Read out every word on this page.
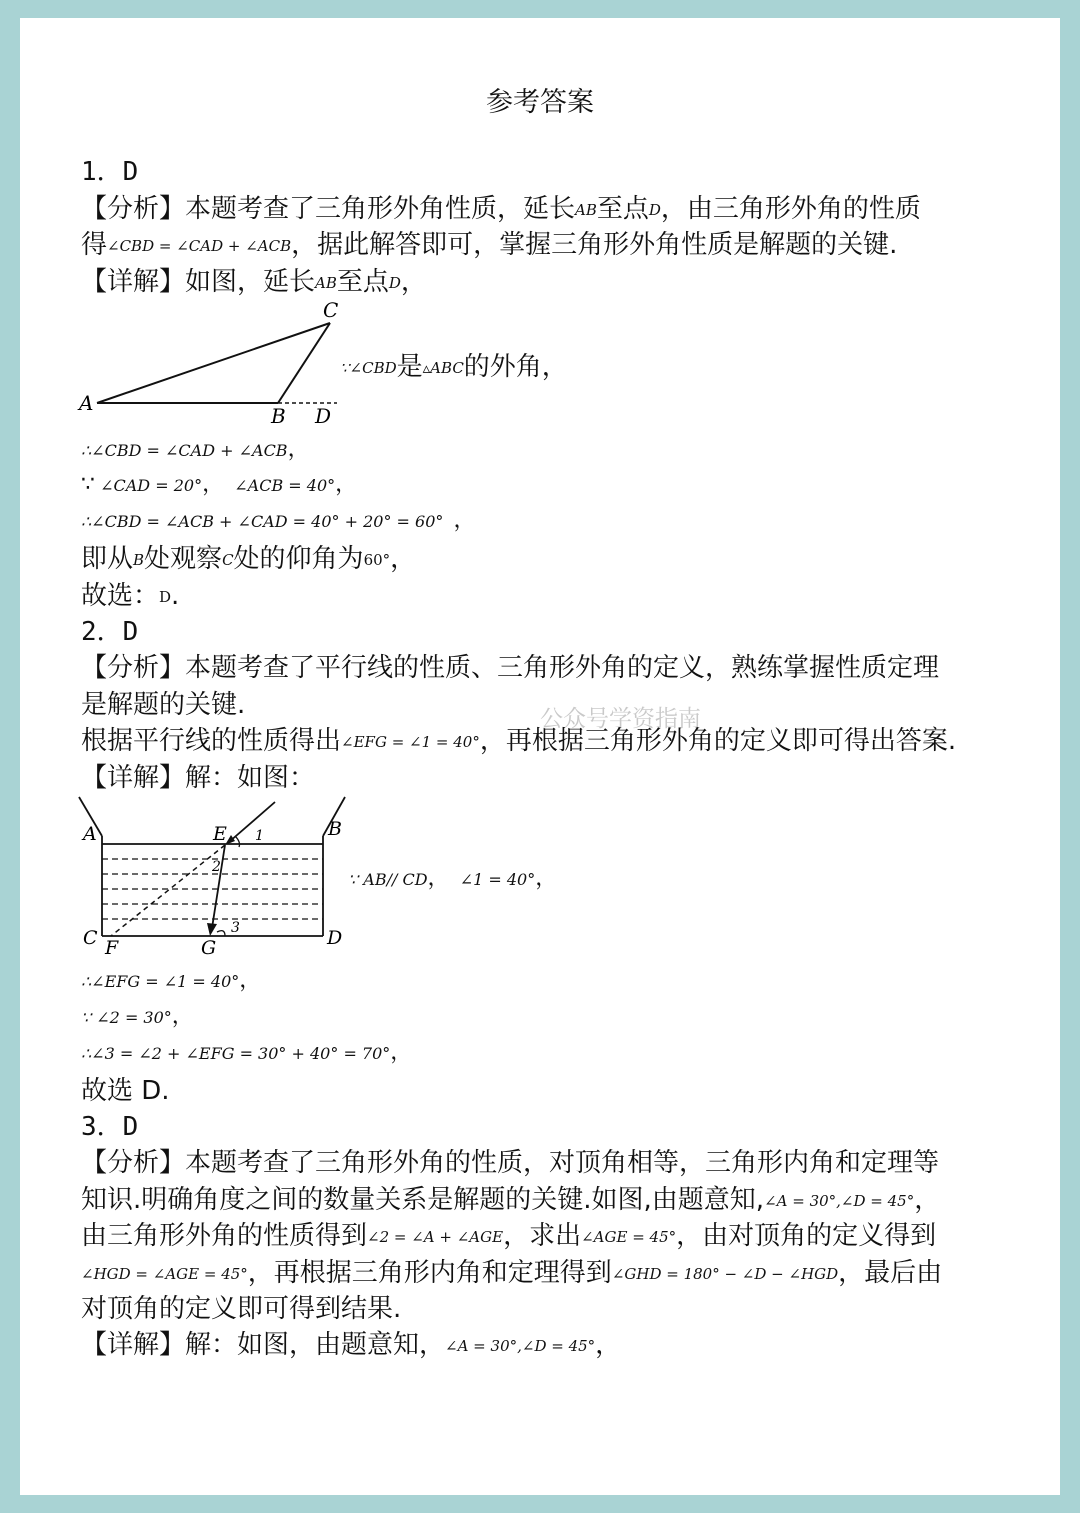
参考答案
1．D
【分析】本题考查了三角形外角性质，延长AB至点D，由三角形外角的性质
得∠CBD = ∠CAD + ∠ACB，据此解答即可，掌握三角形外角性质是解题的关键.
【详解】如图，延长AB至点D，
A
B
C
D
∵∠CBD是▵ABC的外角，
∴∠CBD = ∠CAD + ∠ACB，
∵ ∠CAD = 20°， ∠ACB = 40°，
∴∠CBD = ∠ACB + ∠CAD = 40° + 20° = 60° ，
即从B处观察C处的仰角为60°，
故选：D.
2．D
【分析】本题考查了平行线的性质、三角形外角的定义，熟练掌握性质定理
是解题的关键.	公众号学资指南
根据平行线的性质得出∠EFG = ∠1 = 40°，再根据三角形外角的定义即可得出答案.
【详解】解：如图：
A	B
C	D
E
F	G
1
2
3
∵ AB// CD， ∠1 = 40°，
∴∠EFG = ∠1 = 40°，
∵ ∠2 = 30°，
∴∠3 = ∠2 + ∠EFG = 30° + 40° = 70°，
故选 D.
3．D
【分析】本题考查了三角形外角的性质，对顶角相等，三角形内角和定理等
知识.明确角度之间的数量关系是解题的关键.如图,由题意知,∠A = 30°,∠D = 45°，
由三角形外角的性质得到∠2 = ∠A + ∠AGE，求出∠AGE = 45°，由对顶角的定义得到
∠HGD = ∠AGE = 45°，再根据三角形内角和定理得到∠GHD = 180° − ∠D − ∠HGD，最后由
对顶角的定义即可得到结果.
【详解】解：如图，由题意知，∠A = 30°,∠D = 45°，
